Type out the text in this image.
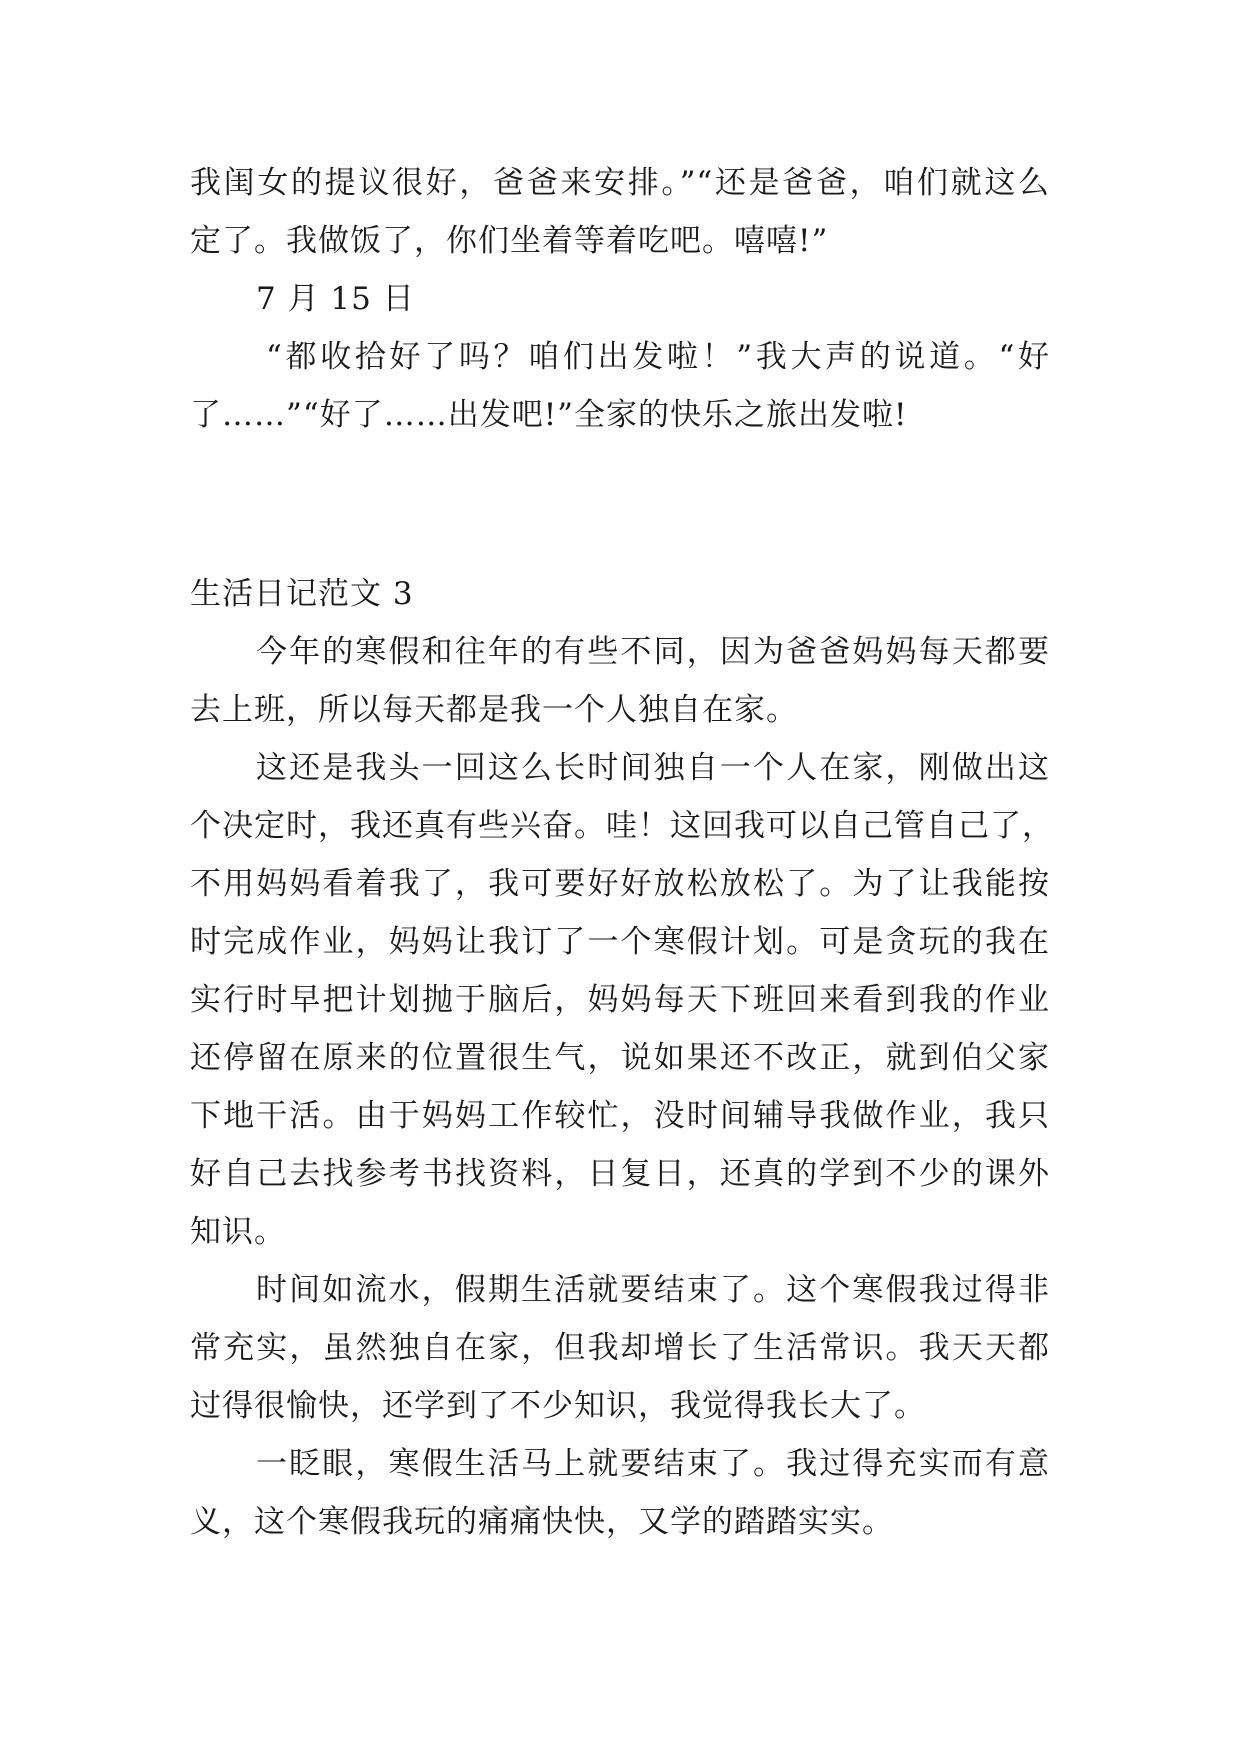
我闺女的提议很好，爸爸来安排。”“还是爸爸，咱们就这么
定了。我做饭了，你们坐着等着吃吧。嘻嘻!”
7 月 15 日
“都收拾好了吗？咱们出发啦！”我大声的说道。“好
了……”“好了……出发吧!”全家的快乐之旅出发啦!
生活日记范文 3
今年的寒假和往年的有些不同，因为爸爸妈妈每天都要
去上班，所以每天都是我一个人独自在家。
这还是我头一回这么长时间独自一个人在家，刚做出这
个决定时，我还真有些兴奋。哇！这回我可以自己管自己了，
不用妈妈看着我了，我可要好好放松放松了。为了让我能按
时完成作业，妈妈让我订了一个寒假计划。可是贪玩的我在
实行时早把计划抛于脑后，妈妈每天下班回来看到我的作业
还停留在原来的位置很生气，说如果还不改正，就到伯父家
下地干活。由于妈妈工作较忙，没时间辅导我做作业，我只
好自己去找参考书找资料，日复日，还真的学到不少的课外
知识。
时间如流水，假期生活就要结束了。这个寒假我过得非
常充实，虽然独自在家，但我却增长了生活常识。我天天都
过得很愉快，还学到了不少知识，我觉得我长大了。
一眨眼，寒假生活马上就要结束了。我过得充实而有意
义，这个寒假我玩的痛痛快快，又学的踏踏实实。
